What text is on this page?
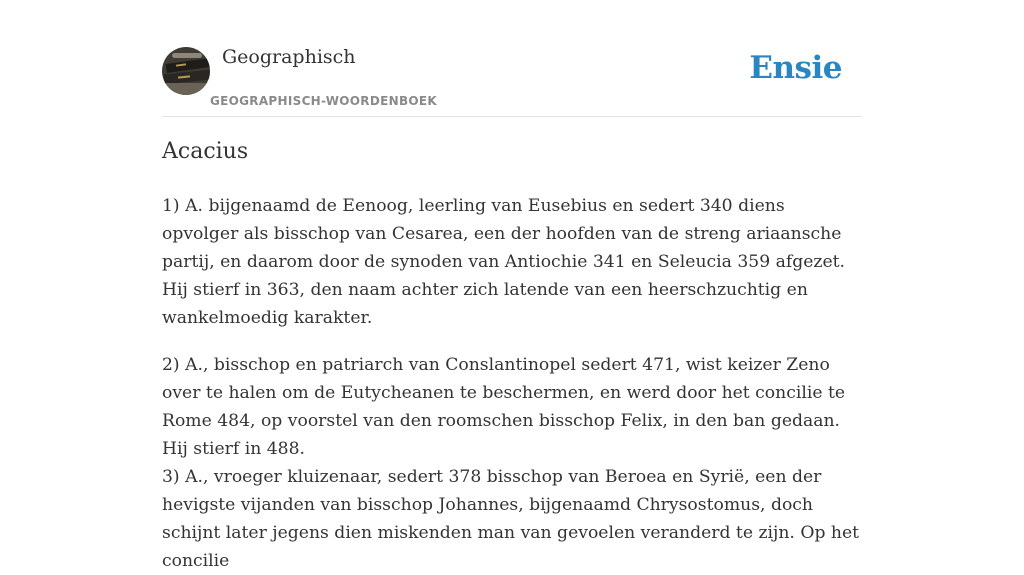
Geographisch
GEOGRAPHISCH-WOORDENBOEK
Ensie
Acacius

1) A. bijgenaamd de Eenoog, leerling van Eusebius en sedert 340 diens opvolger als bisschop van Cesarea, een der hoofden van de streng ariaansche partij, en daarom door de synoden van Antiochie 341 en Seleucia 359 afgezet. Hij stierf in 363, den naam achter zich latende van een heerschzuchtig en wankelmoedig karakter.

2) A., bisschop en patriarch van Conslantinopel sedert 471, wist keizer Zeno over te halen om de Eutycheanen te beschermen, en werd door het concilie te Rome 484, op voorstel van den roomschen bisschop Felix, in den ban gedaan. Hij stierf in 488.

3) A., vroeger kluizenaar, sedert 378 bisschop van Beroea en Syrië, een der hevigste vijanden van bisschop Johannes, bijgenaamd Chrysostomus, doch schijnt later jegens dien miskenden man van gevoelen veranderd te zijn. Op het concilie
